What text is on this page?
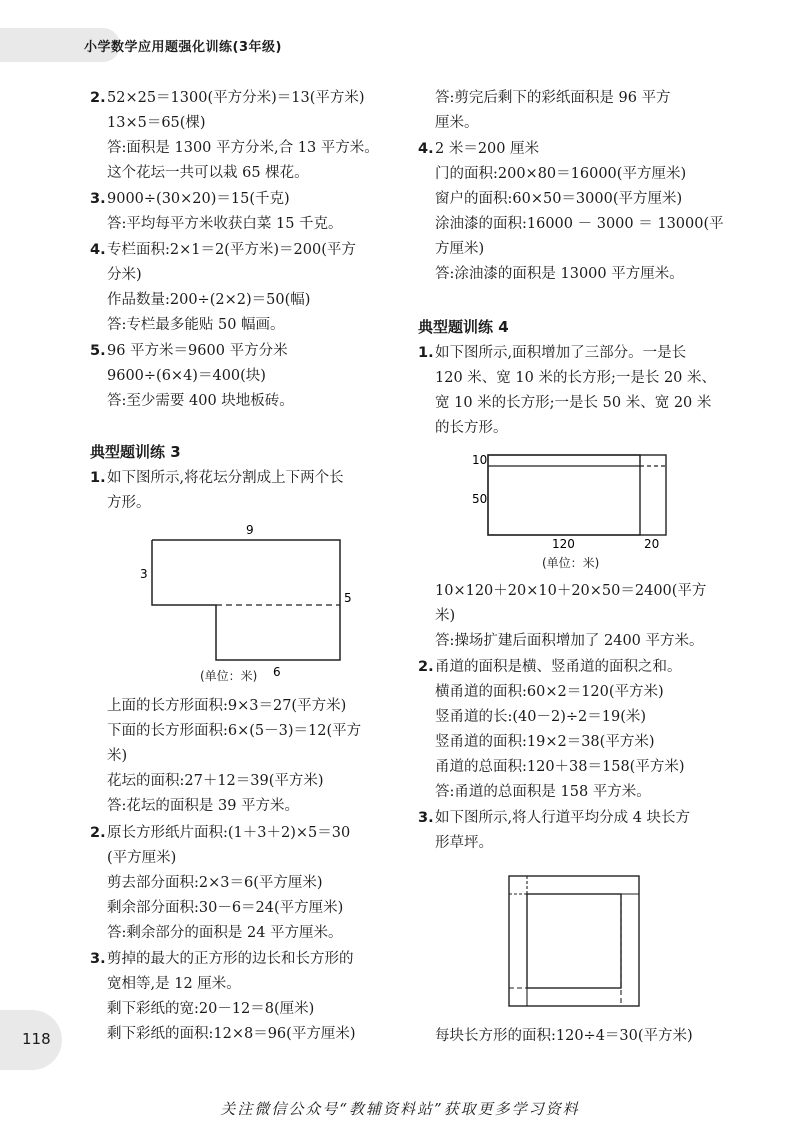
小学数学应用题强化训练(3年级)
2. 52×25＝1300(平方分米)＝13(平方米)
13×5＝65(棵)
答:面积是 1300 平方分米,合 13 平方米。
这个花坛一共可以栽 65 棵花。
3. 9000÷(30×20)＝15(千克)
答:平均每平方米收获白菜 15 千克。
4. 专栏面积:2×1＝2(平方米)＝200(平方
分米)
作品数量:200÷(2×2)＝50(幅)
答:专栏最多能贴 50 幅画。
5. 96 平方米＝9600 平方分米
9600÷(6×4)＝400(块)
答:至少需要 400 块地板砖。
典型题训练 3
1. 如下图所示,将花坛分割成上下两个长
方形。
9
3
5
6
(单位：米)
上面的长方形面积:9×3＝27(平方米)
下面的长方形面积:6×(5－3)＝12(平方
米)
花坛的面积:27＋12＝39(平方米)
答:花坛的面积是 39 平方米。
2. 原长方形纸片面积:(1＋3＋2)×5＝30
(平方厘米)
剪去部分面积:2×3＝6(平方厘米)
剩余部分面积:30－6＝24(平方厘米)
答:剩余部分的面积是 24 平方厘米。
3. 剪掉的最大的正方形的边长和长方形的
宽相等,是 12 厘米。
剩下彩纸的宽:20－12＝8(厘米)
剩下彩纸的面积:12×8＝96(平方厘米)
答:剪完后剩下的彩纸面积是 96 平方
厘米。
4. 2 米＝200 厘米
门的面积:200×80＝16000(平方厘米)
窗户的面积:60×50＝3000(平方厘米)
涂油漆的面积:16000 － 3000 ＝ 13000(平
方厘米)
答:涂油漆的面积是 13000 平方厘米。
典型题训练 4
1. 如下图所示,面积增加了三部分。一是长
120 米、宽 10 米的长方形;一是长 20 米、
宽 10 米的长方形;一是长 50 米、宽 20 米
的长方形。
10
50
120	20
(单位：米)
10×120＋20×10＋20×50＝2400(平方
米)
答:操场扩建后面积增加了 2400 平方米。
2. 甬道的面积是横、竖甬道的面积之和。
横甬道的面积:60×2＝120(平方米)
竖甬道的长:(40－2)÷2＝19(米)
竖甬道的面积:19×2＝38(平方米)
甬道的总面积:120＋38＝158(平方米)
答:甬道的总面积是 158 平方米。
3. 如下图所示,将人行道平均分成 4 块长方
形草坪。
每块长方形的面积:120÷4＝30(平方米)
118
关注微信公众号“教辅资料站”获取更多学习资料
